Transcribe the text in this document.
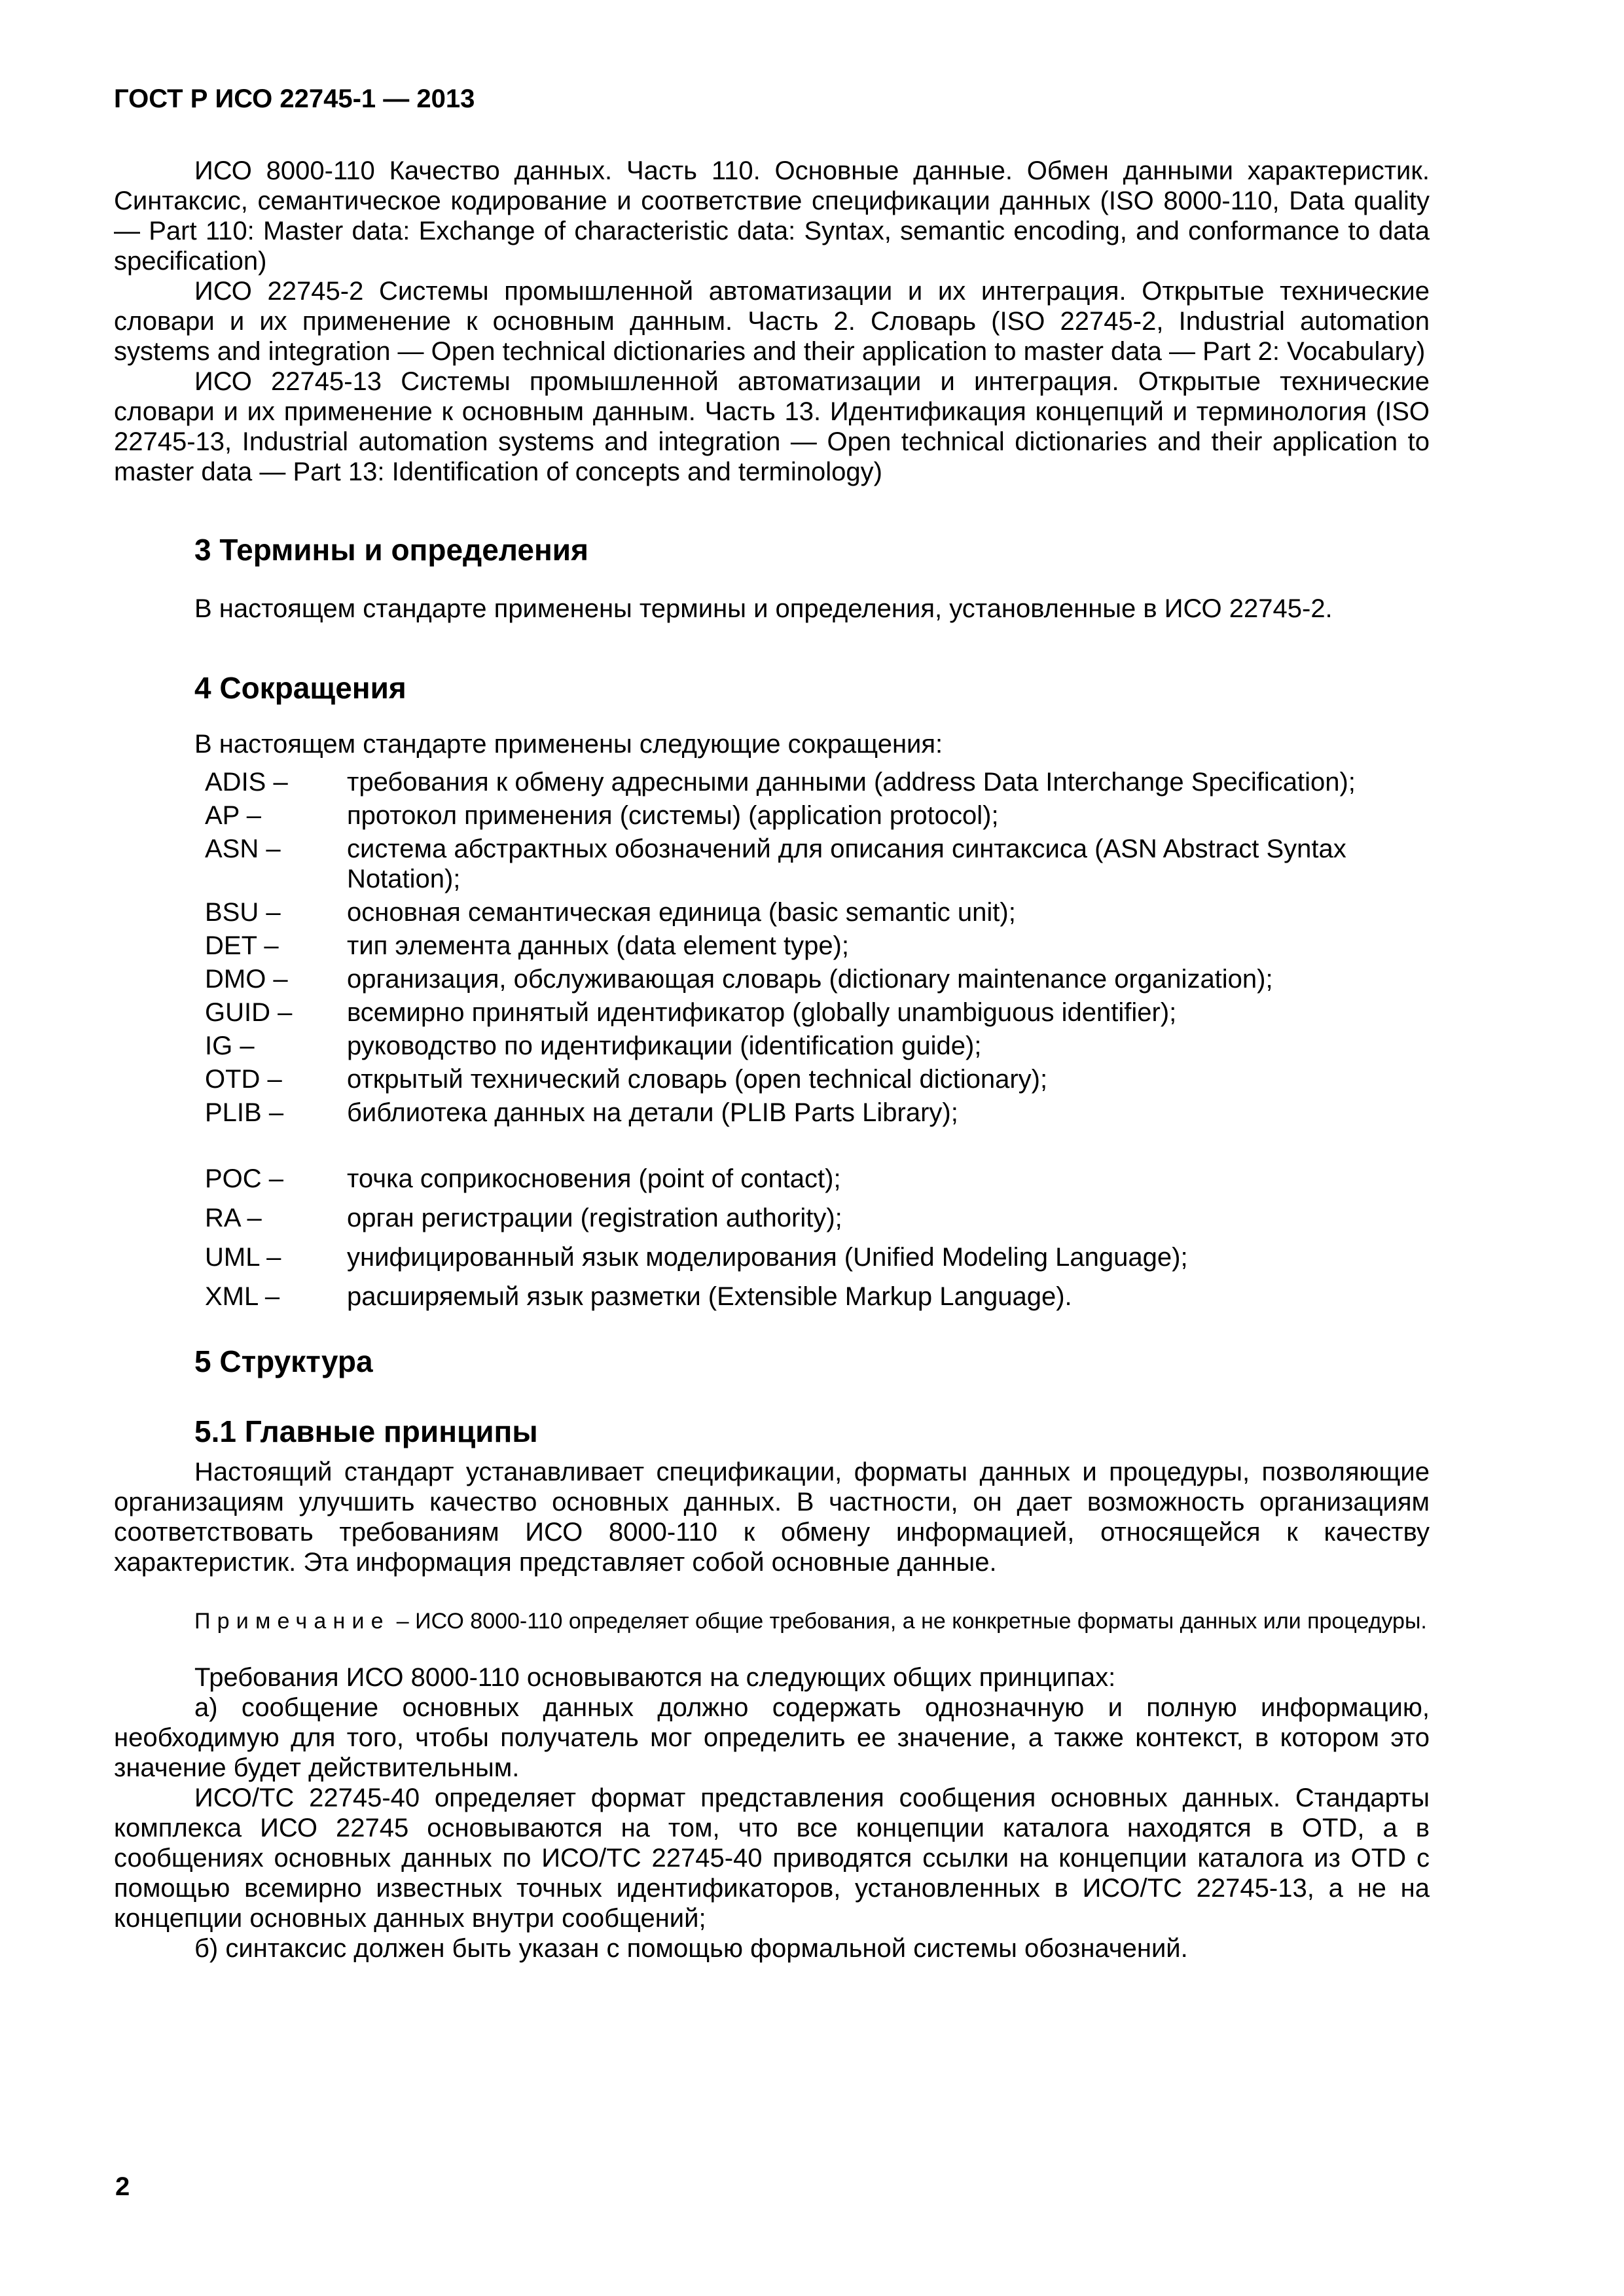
ГОСТ Р ИСО 22745-1 — 2013

ИСО 8000-110 Качество данных. Часть 110. Основные данные. Обмен данными характеристик. Синтаксис, семантическое кодирование и соответствие спецификации данных (ISO 8000-110, Data quality — Part 110: Master data: Exchange of characteristic data: Syntax, semantic encoding, and conformance to data specification)

ИСО 22745-2 Системы промышленной автоматизации и их интеграция. Открытые технические словари и их применение к основным данным. Часть 2. Словарь (ISO 22745-2, Industrial automation systems and integration — Open technical dictionaries and their application to master data — Part 2: Vocabulary)

ИСО 22745-13 Системы промышленной автоматизации и интеграция. Открытые технические словари и их применение к основным данным. Часть 13. Идентификация концепций и терминология (ISO 22745-13, Industrial automation systems and integration — Open technical dictionaries and their application to master data — Part 13: Identification of concepts and terminology)

3 Термины и определения

В настоящем стандарте применены термины и определения, установленные в ИСО 22745-2.

4 Сокращения

В настоящем стандарте применены следующие сокращения:

ADIS –	требования к обмену адресными данными (address Data Interchange Specification);
AP –	протокол применения (системы) (application protocol);
ASN –	система абстрактных обозначений для описания синтаксиса (ASN Abstract Syntax Notation);
BSU –	основная семантическая единица (basic semantic unit);
DET –	тип элемента данных (data element type);
DMO –	организация, обслуживающая словарь (dictionary maintenance organization);
GUID –	всемирно принятый идентификатор (globally unambiguous identifier);
IG –	руководство по идентификации (identification guide);
OTD –	открытый технический словарь (open technical dictionary);
PLIB –	библиотека данных на детали (PLIB Parts Library);
POC –	точка соприкосновения (point of contact);
RA –	орган регистрации (registration authority);
UML –	унифицированный язык моделирования (Unified Modeling Language);
XML –	расширяемый язык разметки (Extensible Markup Language).
5 Структура
5.1 Главные принципы

Настоящий стандарт устанавливает спецификации, форматы данных и процедуры, позволяющие организациям улучшить качество основных данных. В частности, он дает возможность организациям соответствовать требованиям ИСО 8000-110 к обмену информацией, относящейся к качеству характеристик. Эта информация представляет собой основные данные.

Примечание – ИСО 8000-110 определяет общие требования, а не конкретные форматы данных или процедуры.

Требования ИСО 8000-110 основываются на следующих общих принципах:

а) сообщение основных данных должно содержать однозначную и полную информацию, необходимую для того, чтобы получатель мог определить ее значение, а также контекст, в котором это значение будет действительным.

ИСО/ТС 22745-40 определяет формат представления сообщения основных данных. Стандарты комплекса ИСО 22745 основываются на том, что все концепции каталога находятся в OTD, а в сообщениях основных данных по ИСО/ТС 22745-40 приводятся ссылки на концепции каталога из OTD с помощью всемирно известных точных идентификаторов, установленных в ИСО/ТС 22745-13, а не на концепции основных данных внутри сообщений;

б) синтаксис должен быть указан с помощью формальной системы обозначений.

2
